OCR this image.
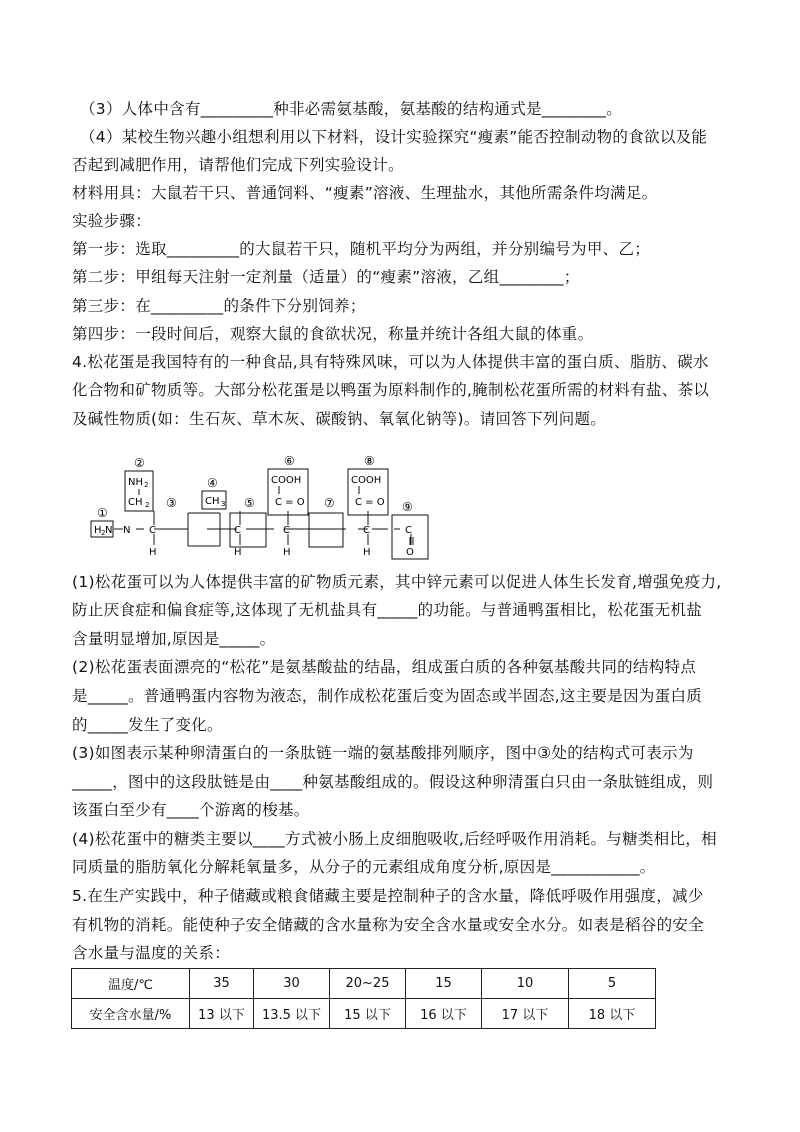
（3）人体中含有_________种非必需氨基酸，氨基酸的结构通式是________。
（4）某校生物兴趣小组想利用以下材料，设计实验探究“瘦素”能否控制动物的食欲以及能
否起到减肥作用，请帮他们完成下列实验设计。
材料用具：大鼠若干只、普通饲料、“瘦素”溶液、生理盐水，其他所需条件均满足。
实验步骤：
第一步：选取_________的大鼠若干只，随机平均分为两组，并分别编号为甲、乙；
第二步：甲组每天注射一定剂量（适量）的“瘦素”溶液，乙组________；
第三步：在_________的条件下分别饲养；
第四步：一段时间后，观察大鼠的食欲状况，称量并统计各组大鼠的体重。
4.松花蛋是我国特有的一种食品,具有特殊风味，可以为人体提供丰富的蛋白质、脂肪、碳水
化合物和矿物质等。大部分松花蛋是以鸭蛋为原料制作的,腌制松花蛋所需的材料有盐、茶以
及碱性物质(如：生石灰、草木灰、碳酸钠、氧氧化钠等)。请回答下列问题。
H 2 N
①
N
②
NH 2
CH 2
C
H
③
④
CH 3
C
H
⑤
⑥
COOH
C = O
C
H
⑦
⑧
COOH
C = O
C
H
⑨
C
O
(1)松花蛋可以为人体提供丰富的矿物质元素，其中锌元素可以促进人体生长发育,增强免疫力,
防止厌食症和偏食症等,这体现了无机盐具有_____的功能。与普通鸭蛋相比，松花蛋无机盐
含量明显增加,原因是_____。
(2)松花蛋表面漂亮的“松花”是氨基酸盐的结晶，组成蛋白质的各种氨基酸共同的结构特点
是_____。普通鸭蛋内容物为液态，制作成松花蛋后变为固态或半固态,这主要是因为蛋白质
的_____发生了变化。
(3)如图表示某种卵清蛋白的一条肽链一端的氨基酸排列顺序，图中③处的结构式可表示为
_____，图中的这段肽链是由____种氨基酸组成的。假设这种卵清蛋白只由一条肽链组成，则
该蛋白至少有____个游离的梭基。
(4)松花蛋中的糖类主要以____方式被小肠上皮细胞吸收,后经呼吸作用消耗。与糖类相比，相
同质量的脂肪氧化分解耗氧量多，从分子的元素组成角度分析,原因是___________。
5.在生产实践中，种子储藏或粮食储藏主要是控制种子的含水量，降低呼吸作用强度，减少
有机物的消耗。能使种子安全储藏的含水量称为安全含水量或安全水分。如表是稻谷的安全
含水量与温度的关系：
温度/℃	35	30	20~25	15	10	5
安全含水量/%	13 以下	13.5 以下	15 以下	16 以下	17 以下	18 以下
